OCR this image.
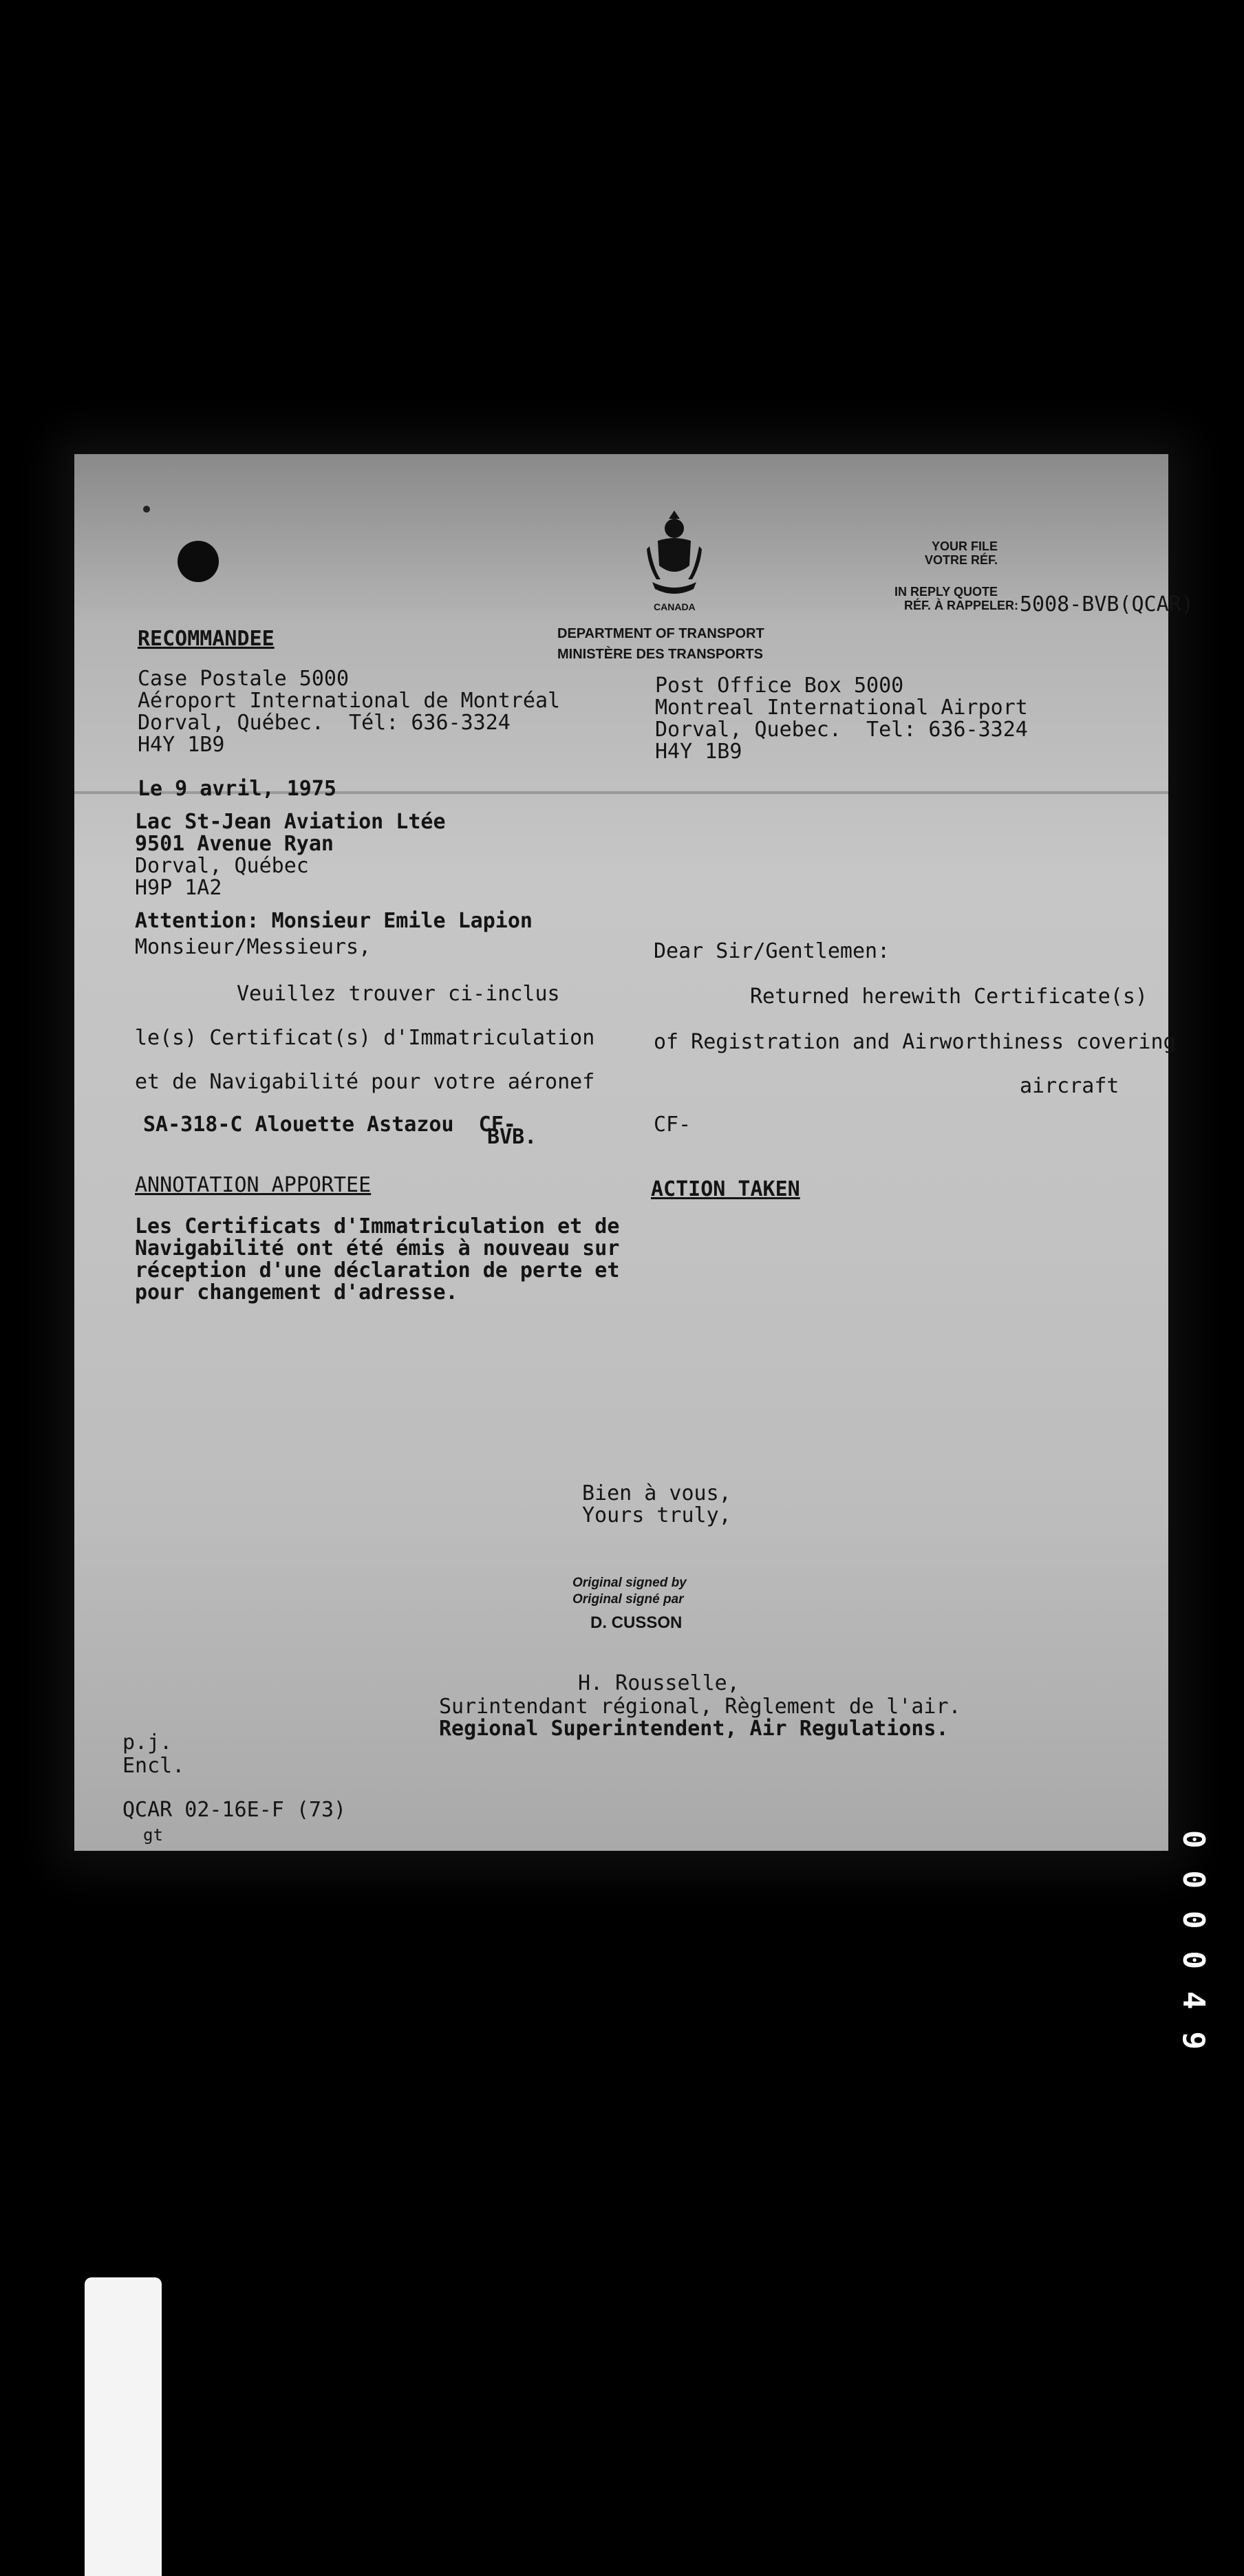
CANADA
DEPARTMENT OF TRANSPORT
MINISTÈRE DES TRANSPORTS
YOUR FILE
VOTRE RÉF.
IN REPLY QUOTE
RÉF. À RAPPELER: 5008-BVB(QCAR)
RECOMMANDEE
Case Postale 5000
Aéroport International de Montréal
Dorval, Québec.  Tél: 636-3324
H4Y 1B9
Post Office Box 5000
Montreal International Airport
Dorval, Quebec.  Tel: 636-3324
H4Y 1B9
Le 9 avril, 1975
Lac St-Jean Aviation Ltée
9501 Avenue Ryan
Dorval, Québec
H9P 1A2
Attention: Monsieur Emile Lapion
Monsieur/Messieurs,
Veuillez trouver ci-inclus
le(s) Certificat(s) d'Immatriculation
et de Navigabilité pour votre aéronef
SA-318-C Alouette Astazou  CF-
BVB.
Dear Sir/Gentlemen:
Returned herewith Certificate(s)
of Registration and Airworthiness covering
aircraft
CF-
ANNOTATION APPORTEE	ACTION TAKEN
Les Certificats d'Immatriculation et de
Navigabilité ont été émis à nouveau sur
réception d'une déclaration de perte et
pour changement d'adresse.
Bien à vous,
Yours truly,
Original signed by
Original signé par
D. CUSSON
H. Rousselle,
Surintendant régional, Règlement de l'air.
Regional Superintendent, Air Regulations.
p.j.
Encl.
QCAR 02-16E-F (73)
gt	000049
